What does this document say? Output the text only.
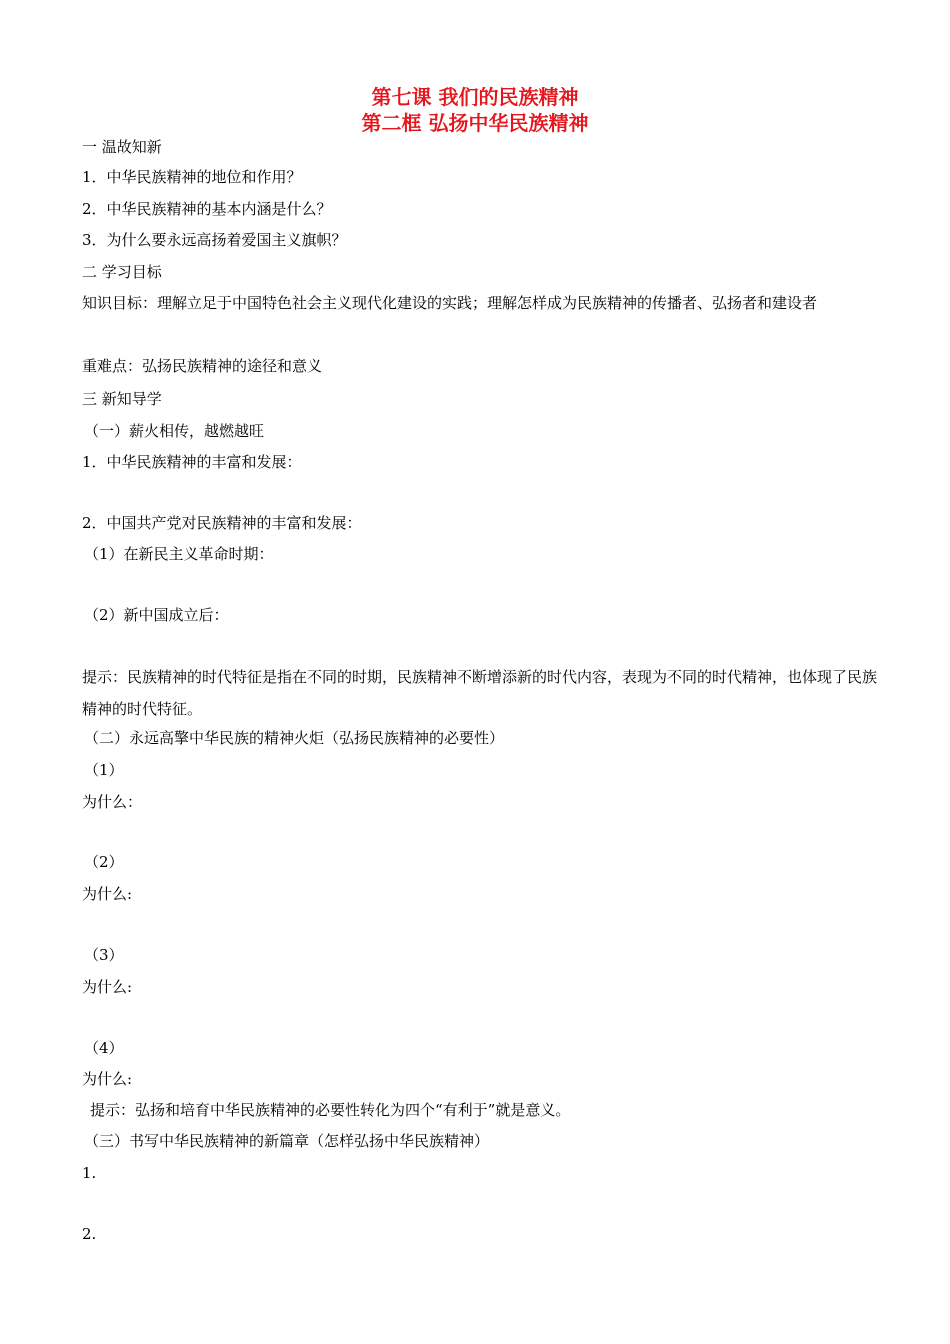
第七课 我们的民族精神
第二框 弘扬中华民族精神
一 温故知新
1．中华民族精神的地位和作用？
2．中华民族精神的基本内涵是什么？
3．为什么要永远高扬着爱国主义旗帜？
二 学习目标
知识目标：理解立足于中国特色社会主义现代化建设的实践；理解怎样成为民族精神的传播者、弘扬者和建设者
重难点：弘扬民族精神的途径和意义
三 新知导学
（一）薪火相传，越燃越旺
1．中华民族精神的丰富和发展：
2．中国共产党对民族精神的丰富和发展：
（1）在新民主义革命时期：
（2）新中国成立后：
提示：民族精神的时代特征是指在不同的时期，民族精神不断增添新的时代内容，表现为不同的时代精神，也体现了民族精神的时代特征。
（二）永远高擎中华民族的精神火炬（弘扬民族精神的必要性）
（1）
为什么：
（2）
为什么:
（3）
为什么:
（4）
为什么:
提示：弘扬和培育中华民族精神的必要性转化为四个“有利于”就是意义。
（三）书写中华民族精神的新篇章（怎样弘扬中华民族精神）
1.
2.
